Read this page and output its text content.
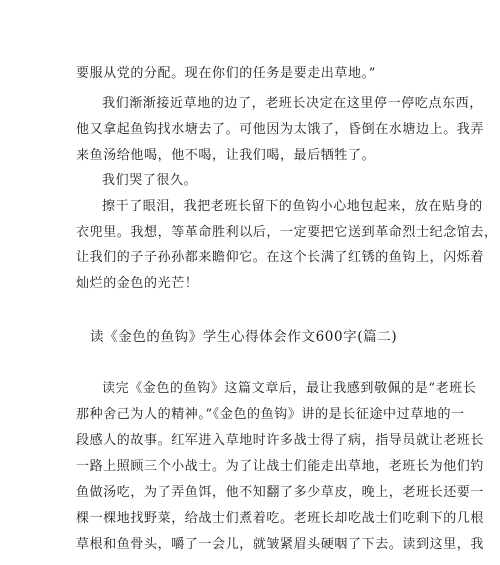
要服从党的分配。现在你们的任务是要走出草地。”
我们渐渐接近草地的边了，老班长决定在这里停一停吃点东西，
他又拿起鱼钩找水塘去了。可他因为太饿了，昏倒在水塘边上。我弄
来鱼汤给他喝，他不喝，让我们喝，最后牺牲了。
我们哭了很久。
擦干了眼泪，我把老班长留下的鱼钩小心地包起来，放在贴身的
衣兜里。我想，等革命胜利以后，一定要把它送到革命烈士纪念馆去，
让我们的子子孙孙都来瞻仰它。在这个长满了红锈的鱼钩上，闪烁着
灿烂的金色的光芒！
读《金色的鱼钩》学生心得体会作文600字(篇二)
读完《金色的鱼钩》这篇文章后，最让我感到敬佩的是“老班长
那种舍己为人的精神。”《金色的鱼钩》讲的是长征途中过草地的一
段感人的故事。红军进入草地时许多战士得了病，指导员就让老班长
一路上照顾三个小战士。为了让战士们能走出草地，老班长为他们钓
鱼做汤吃，为了弄鱼饵，他不知翻了多少草皮，晚上，老班长还要一
棵一棵地找野菜，给战士们煮着吃。老班长却吃战士们吃剩下的几根
草根和鱼骨头，嚼了一会儿，就皱紧眉头硬咽了下去。读到这里，我
